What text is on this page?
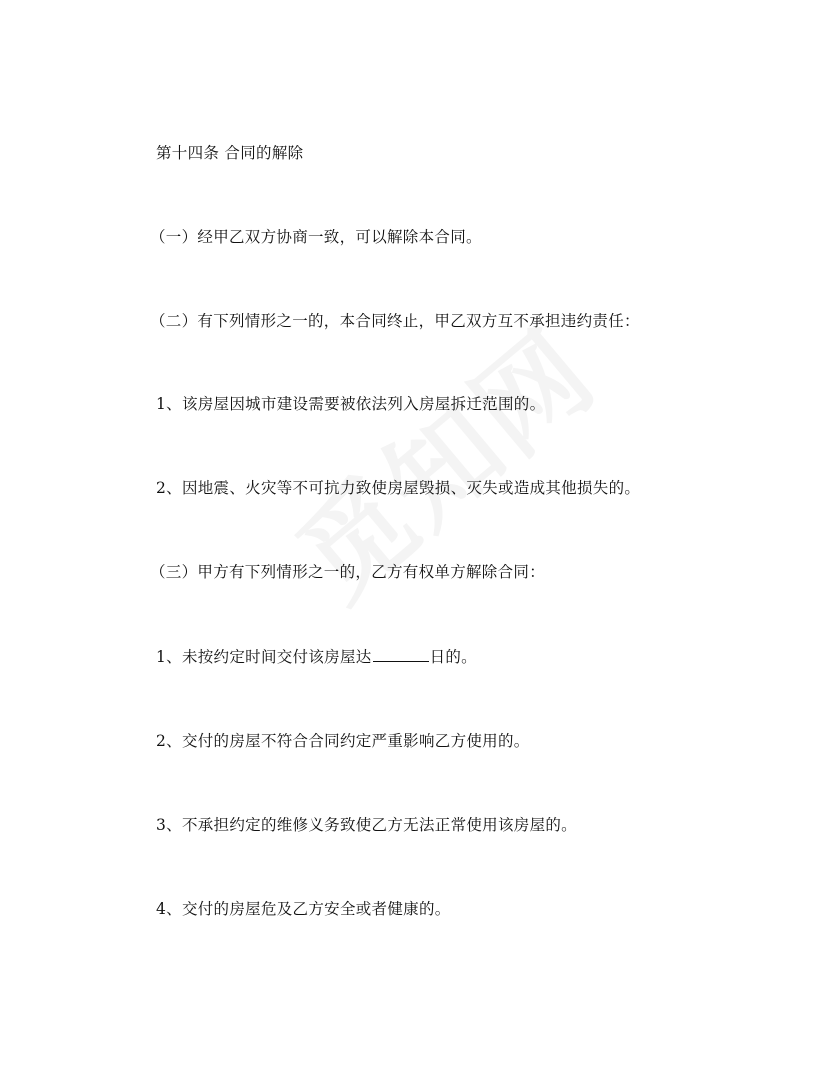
第十四条 合同的解除
（一）经甲乙双方协商一致，可以解除本合同。
（二）有下列情形之一的，本合同终止，甲乙双方互不承担违约责任：
1、该房屋因城市建设需要被依法列入房屋拆迁范围的。
2、因地震、火灾等不可抗力致使房屋毁损、灭失或造成其他损失的。
（三）甲方有下列情形之一的，乙方有权单方解除合同：
1、未按约定时间交付该房屋达	日的。
2、交付的房屋不符合合同约定严重影响乙方使用的。
3、不承担约定的维修义务致使乙方无法正常使用该房屋的。
4、交付的房屋危及乙方安全或者健康的。
